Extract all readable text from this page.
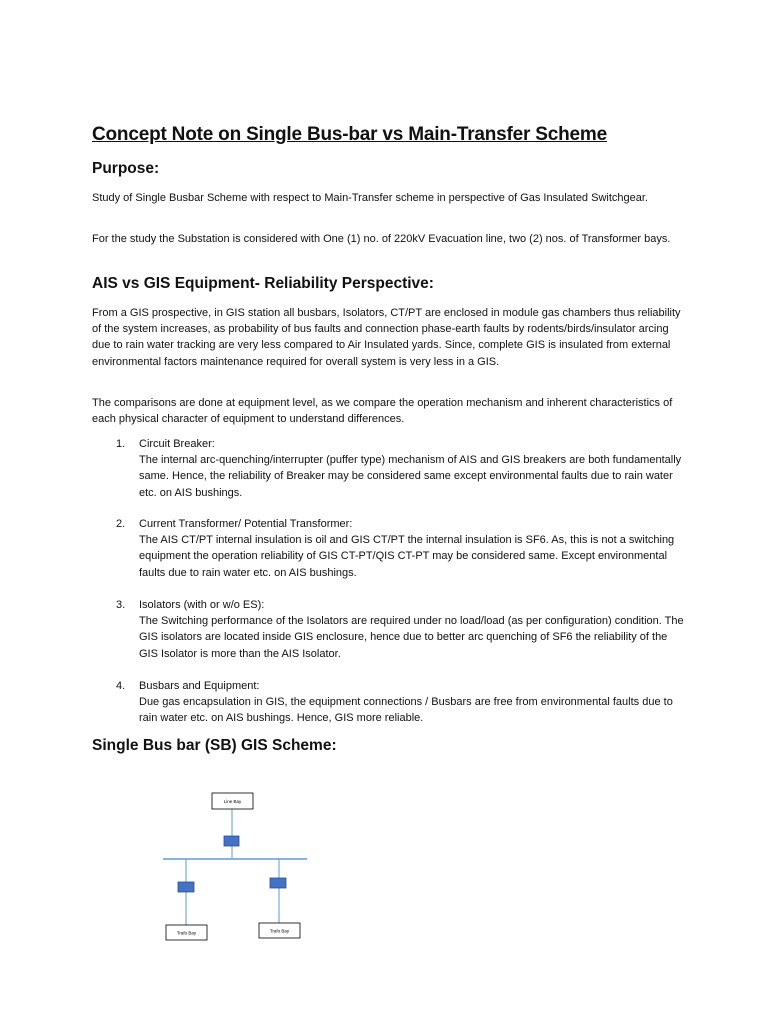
Concept Note on Single Bus-bar vs Main-Transfer Scheme
Purpose:

Study of Single Busbar Scheme with respect to Main-Transfer scheme in perspective of Gas Insulated Switchgear.

For the study the Substation is considered with One (1) no. of 220kV Evacuation line, two (2) nos. of Transformer bays.

AIS vs GIS Equipment- Reliability Perspective:

From a GIS prospective, in GIS station all busbars, Isolators, CT/PT are enclosed in module gas chambers thus reliability of the system increases, as probability of bus faults and connection phase-earth faults by rodents/birds/insulator arcing due to rain water tracking are very less compared to Air Insulated yards. Since, complete GIS is insulated from external environmental factors maintenance required for overall system is very less in a GIS.

The comparisons are done at equipment level, as we compare the operation mechanism and inherent characteristics of each physical character of equipment to understand differences.

1. Circuit Breaker:
The internal arc-quenching/interrupter (puffer type) mechanism of AIS and GIS breakers are both fundamentally same. Hence, the reliability of Breaker may be considered same except environmental faults due to rain water etc. on AIS bushings.
2. Current Transformer/ Potential Transformer:
The AIS CT/PT internal insulation is oil and GIS CT/PT the internal insulation is SF6. As, this is not a switching equipment the operation reliability of GIS CT-PT/QIS CT-PT may be considered same. Except environmental faults due to rain water etc. on AIS bushings.
3. Isolators (with or w/o ES):
The Switching performance of the Isolators are required under no load/load (as per configuration) condition. The GIS isolators are located inside GIS enclosure, hence due to better arc quenching of SF6 the reliability of the GIS Isolator is more than the AIS Isolator.
4. Busbars and Equipment:
Due gas encapsulation in GIS, the equipment connections / Busbars are free from environmental faults due to rain water etc. on AIS bushings. Hence, GIS more reliable.
Single Bus bar (SB) GIS Scheme:
Line Bay
Trafo Bay	Trafo Bay
